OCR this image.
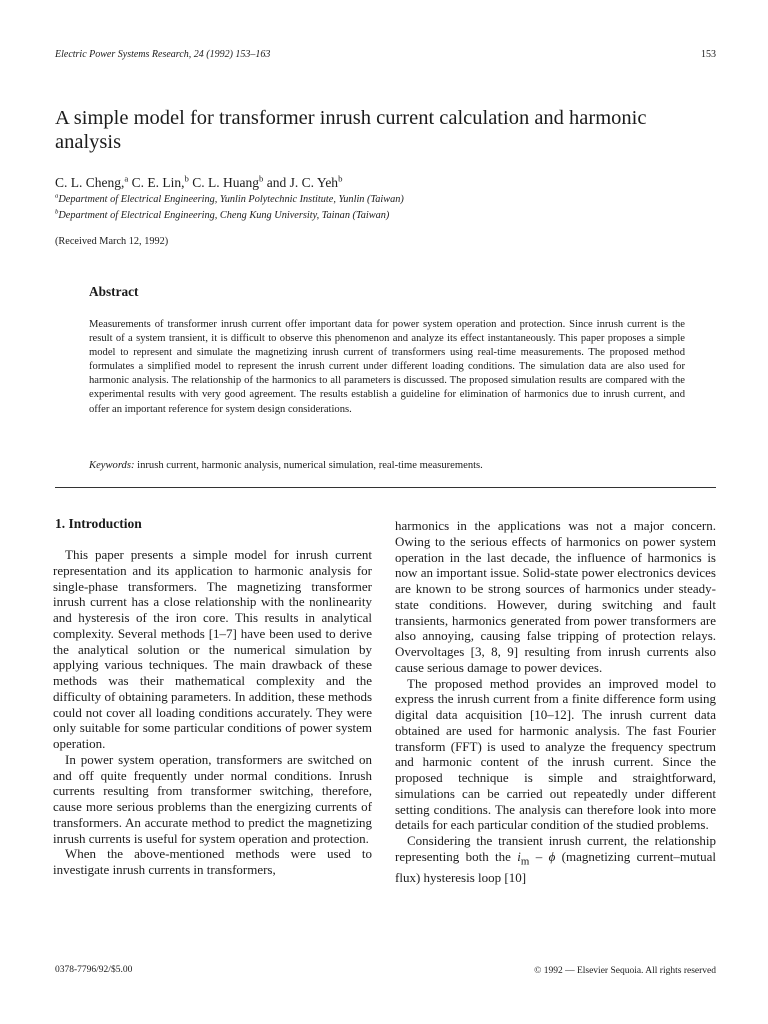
Electric Power Systems Research, 24 (1992) 153–163	153
A simple model for transformer inrush current calculation and harmonic analysis
C. L. Cheng,$^a$ C. E. Lin,$^b$ C. L. Huang$^b$ and J. C. Yeh$^b$
$^a$Department of Electrical Engineering, Yunlin Polytechnic Institute, Yunlin (Taiwan)
$^b$Department of Electrical Engineering, Cheng Kung University, Tainan (Taiwan)
(Received March 12, 1992)
Abstract
Measurements of transformer inrush current offer important data for power system operation and protection. Since inrush current is the result of a system transient, it is difficult to observe this phenomenon and analyze its effect instantaneously. This paper proposes a simple model to represent and simulate the magnetizing inrush current of transformers using real-time measurements. The proposed method formulates a simplified model to represent the inrush current under different loading conditions. The simulation data are also used for harmonic analysis. The relationship of the harmonics to all parameters is discussed. The proposed simulation results are compared with the experimental results with very good agreement. The results establish a guideline for elimination of harmonics due to inrush current, and offer an important reference for system design considerations.
Keywords: inrush current, harmonic analysis, numerical simulation, real-time measurements.
1. Introduction

This paper presents a simple model for inrush current representation and its application to harmonic analysis for single-phase transformers. The magnetizing transformer inrush current has a close relationship with the nonlinearity and hysteresis of the iron core. This results in analytical complexity. Several methods [1–7] have been used to derive the analytical solution or the numerical simulation by applying various techniques. The main drawback of these methods was their mathematical complexity and the difficulty of obtaining parameters. In addition, these methods could not cover all loading conditions accurately. They were only suitable for some particular conditions of power system operation.

In power system operation, transformers are switched on and off quite frequently under normal conditions. Inrush currents resulting from transformer switching, therefore, cause more serious problems than the energizing currents of transformers. An accurate method to predict the magnetizing inrush currents is useful for system operation and protection.

When the above-mentioned methods were used to investigate inrush currents in transformers,

harmonics in the applications was not a major concern. Owing to the serious effects of harmonics on power system operation in the last decade, the influence of harmonics is now an important issue. Solid-state power electronics devices are known to be strong sources of harmonics under steady-state conditions. However, during switching and fault transients, harmonics generated from power transformers are also annoying, causing false tripping of protection relays. Overvoltages [3, 8, 9] resulting from inrush currents also cause serious damage to power devices.

The proposed method provides an improved model to express the inrush current from a finite difference form using digital data acquisition [10–12]. The inrush current data obtained are used for harmonic analysis. The fast Fourier transform (FFT) is used to analyze the frequency spectrum and harmonic content of the inrush current. Since the proposed technique is simple and straightforward, simulations can be carried out repeatedly under different setting conditions. The analysis can therefore look into more details for each particular condition of the studied problems.

Considering the transient inrush current, the relationship representing both the $i_m$ – ϕ (magnetizing current–mutual flux) hysteresis loop [10]

0378-7796/92/$5.00	© 1992 — Elsevier Sequoia. All rights reserved
